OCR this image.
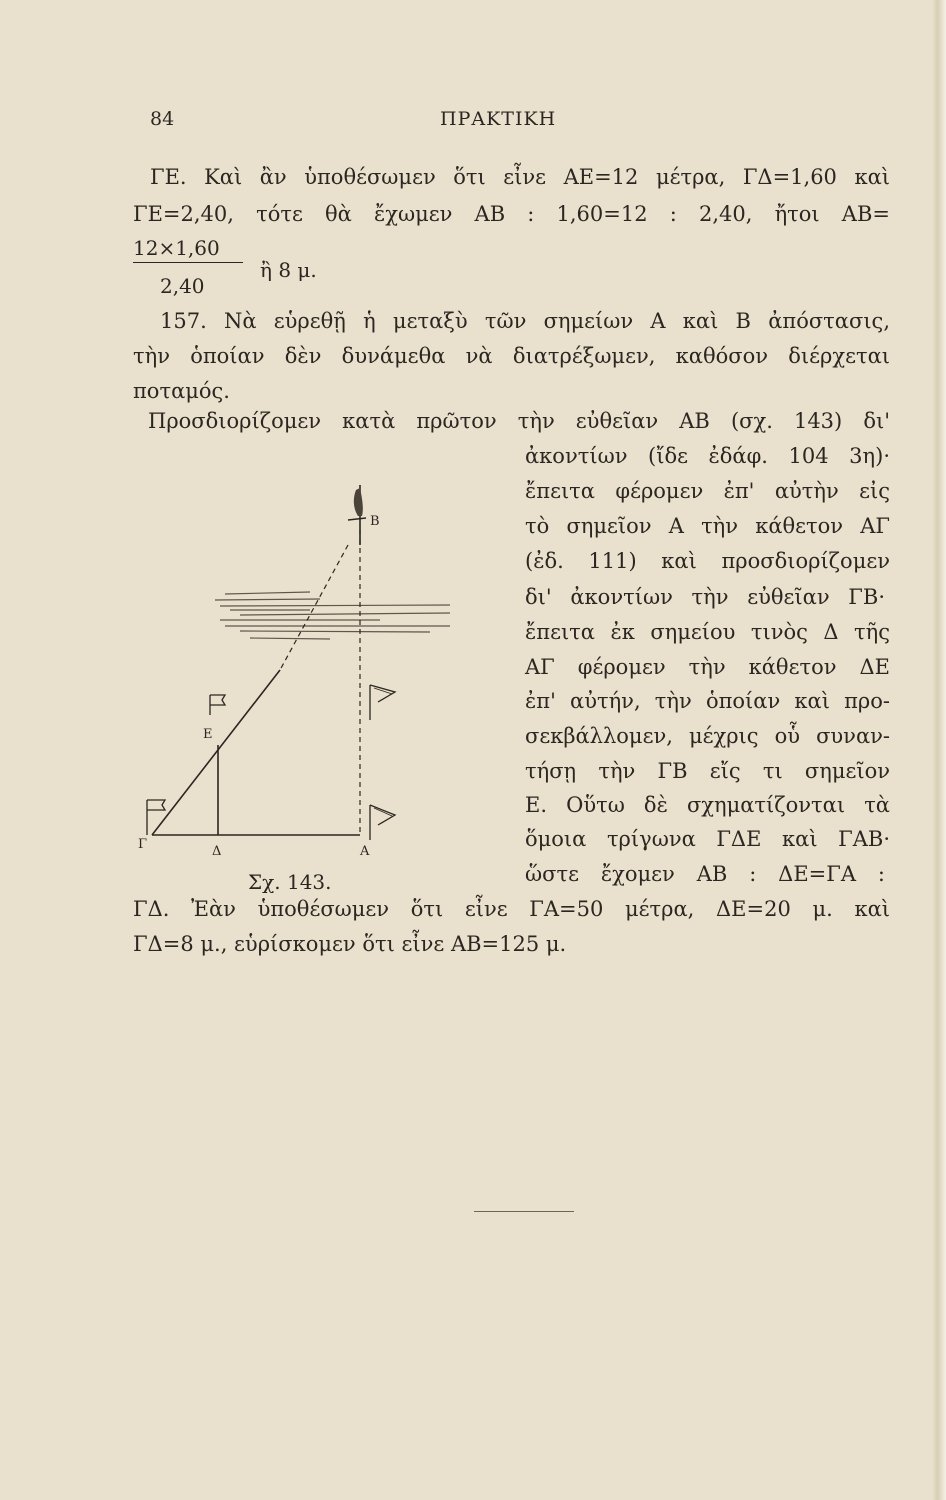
84	ΠΡΑΚΤΙΚΗ
ΓΕ. Καὶ ἂν ὑποθέσωμεν ὅτι εἶνε ΑΕ=12 μέτρα, ΓΔ=1,60 καὶ
ΓΕ=2,40, τότε θὰ ἔχωμεν ΑΒ : 1,60=12 : 2,40, ἤτοι ΑΒ=
12×1,60
2,40
ἢ 8 μ.
157. Νὰ εὑρεθῇ ἡ μεταξὺ τῶν σημείων Α καὶ Β ἀπόστασις,
τὴν ὁποίαν δὲν δυνάμεθα νὰ διατρέξωμεν, καθόσον διέρχεται
ποταμός.
Προσδιορίζομεν κατὰ πρῶτον τὴν εὐθεῖαν ΑΒ (σχ. 143) δι'
ἀκοντίων (ἴδε ἐδάφ. 104 3η)·
ἔπειτα φέρομεν ἐπ' αὐτὴν εἰς
τὸ σημεῖον Α τὴν κάθετον ΑΓ
(ἐδ. 111) καὶ προσδιορίζομεν
δι' ἀκοντίων τὴν εὐθεῖαν ΓΒ·
ἔπειτα ἐκ σημείου τινὸς Δ τῆς
ΑΓ φέρομεν τὴν κάθετον ΔΕ
ἐπ' αὐτήν, τὴν ὁποίαν καὶ προ-
σεκβάλλομεν, μέχρις οὗ συναν-
τήσῃ τὴν ΓΒ εἴς τι σημεῖον
Ε. Οὕτω δὲ σχηματίζονται τὰ
ὅμοια τρίγωνα ΓΔΕ καὶ ΓΑΒ·
ὥστε ἔχομεν ΑΒ : ΔΕ=ΓΑ :
B
E
Γ	Δ	A
Σχ. 143.
ΓΔ. Ἐὰν ὑποθέσωμεν ὅτι εἶνε ΓΑ=50 μέτρα, ΔΕ=20 μ. καὶ
ΓΔ=8 μ., εὑρίσκομεν ὅτι εἶνε ΑΒ=125 μ.
